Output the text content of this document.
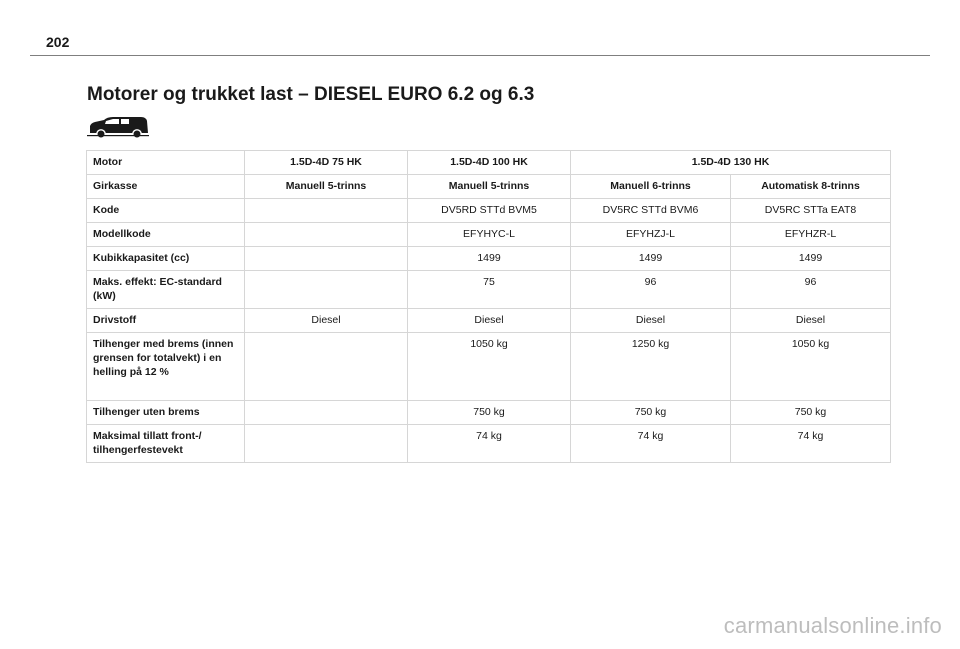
202
Motorer og trukket last – DIESEL EURO 6.2 og 6.3
Motor	1.5D-4D 75 HK	1.5D-4D 100 HK	1.5D-4D 130 HK	
Girkasse	Manuell 5-trinns	Manuell 5-trinns	Manuell 6-trinns	Automatisk 8-trinns
Kode		DV5RD STTd BVM5	DV5RC STTd BVM6	DV5RC STTa EAT8
Modellkode		EFYHYC-L	EFYHZJ-L	EFYHZR-L
Kubikkapasitet (cc)		1499	1499	1499
Maks. effekt: EC-standard (kW)		75	96	96
Drivstoff	Diesel	Diesel	Diesel	Diesel
Tilhenger med brems (innen grensen for totalvekt) i en helling på 12 %		1050 kg	1250 kg	1050 kg
Tilhenger uten brems		750 kg	750 kg	750 kg
Maksimal tillatt front-/ tilhengerfestevekt		74 kg	74 kg	74 kg
carmanualsonline.info
